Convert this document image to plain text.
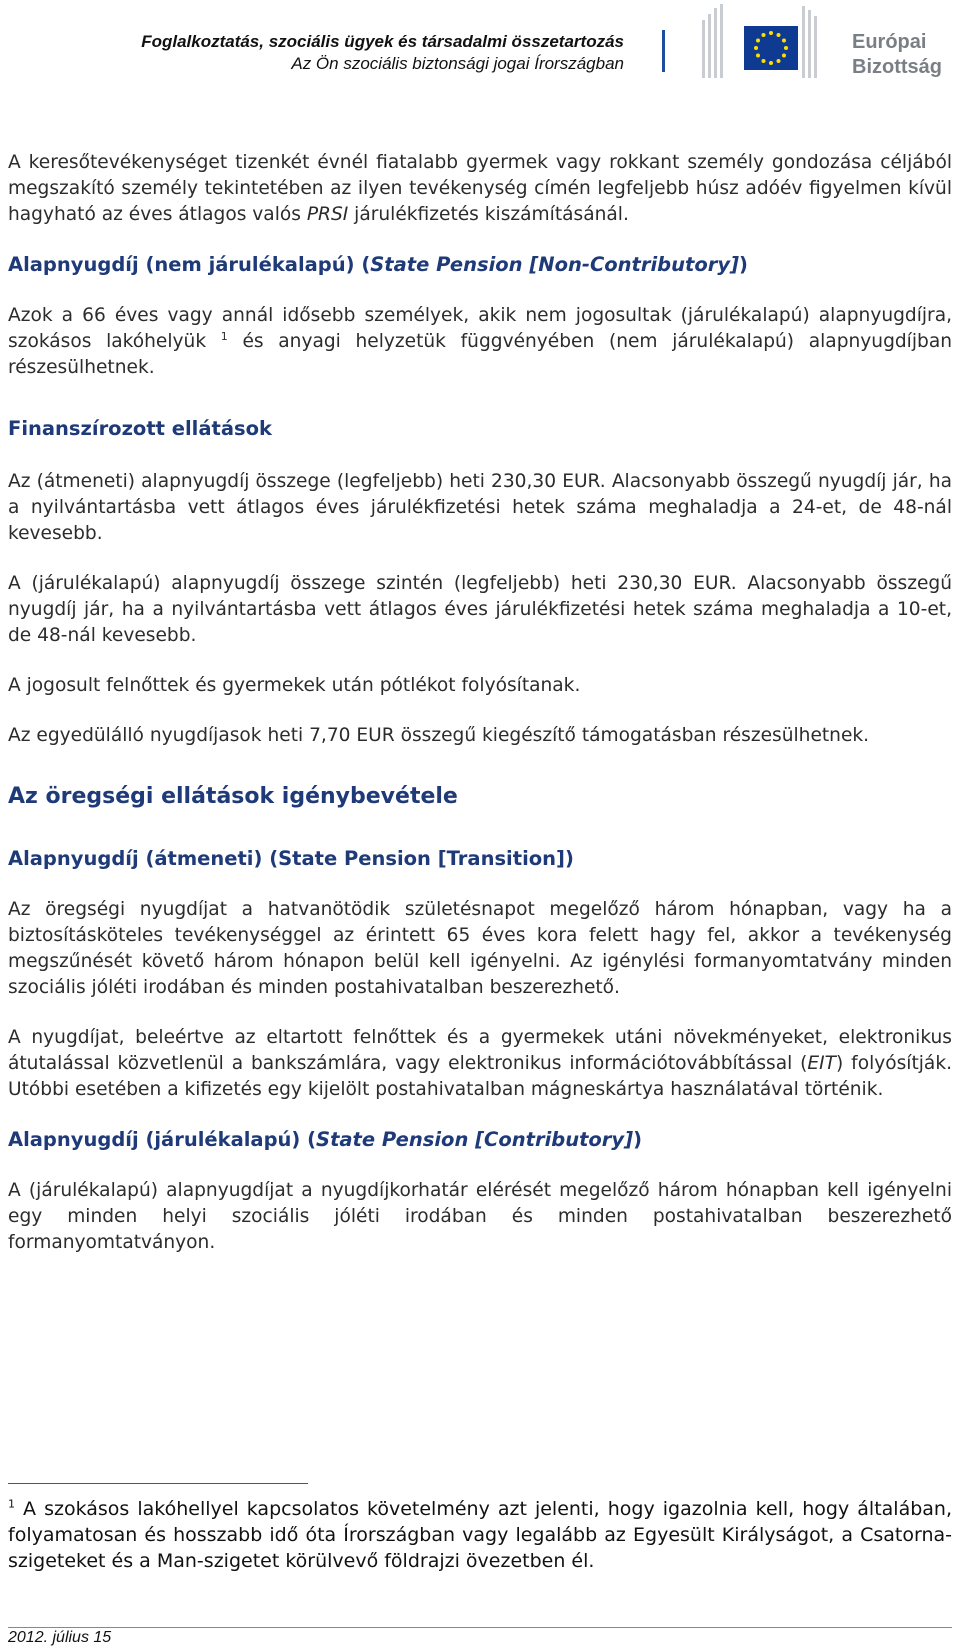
Foglalkoztatás, szociális ügyek és társadalmi összetartozás
Az Ön szociális biztonsági jogai Írországban
Európai
Bizottság

A keresőtevékenységet tizenkét évnél fiatalabb gyermek vagy rokkant személy gondozása céljából megszakító személy tekintetében az ilyen tevékenység címén legfeljebb húsz adóév figyelmen kívül hagyható az éves átlagos valós PRSI járulékfizetés kiszámításánál.

Alapnyugdíj (nem járulékalapú) (State Pension [Non-Contributory])

Azok a 66 éves vagy annál idősebb személyek, akik nem jogosultak (járulékalapú) alapnyugdíjra, szokásos lakóhelyük $^1$ és anyagi helyzetük függvényében (nem járulékalapú) alapnyugdíjban részesülhetnek.

Finanszírozott ellátások

Az (átmeneti) alapnyugdíj összege (legfeljebb) heti 230,30 EUR. Alacsonyabb összegű nyugdíj jár, ha a nyilvántartásba vett átlagos éves járulékfizetési hetek száma meghaladja a 24-et, de 48-nál kevesebb.

A (járulékalapú) alapnyugdíj összege szintén (legfeljebb) heti 230,30 EUR. Alacsonyabb összegű nyugdíj jár, ha a nyilvántartásba vett átlagos éves járulékfizetési hetek száma meghaladja a 10-et, de 48-nál kevesebb.

A jogosult felnőttek és gyermekek után pótlékot folyósítanak.

Az egyedülálló nyugdíjasok heti 7,70 EUR összegű kiegészítő támogatásban részesülhetnek.

Az öregségi ellátások igénybevétele
Alapnyugdíj (átmeneti) (State Pension [Transition])

Az öregségi nyugdíjat a hatvanötödik születésnapot megelőző három hónapban, vagy ha a biztosításköteles tevékenységgel az érintett 65 éves kora felett hagy fel, akkor a tevékenység megszűnését követő három hónapon belül kell igényelni. Az igénylési formanyomtatvány minden szociális jóléti irodában és minden postahivatalban beszerezhető.

A nyugdíjat, beleértve az eltartott felnőttek és a gyermekek utáni növekményeket, elektronikus átutalással közvetlenül a bankszámlára, vagy elektronikus információtovábbítással (EIT) folyósítják. Utóbbi esetében a kifizetés egy kijelölt postahivatalban mágneskártya használatával történik.

Alapnyugdíj (járulékalapú) (State Pension [Contributory])

A (járulékalapú) alapnyugdíjat a nyugdíjkorhatár elérését megelőző három hónapban kell igényelni egy minden helyi szociális jóléti irodában és minden postahivatalban beszerezhető formanyomtatványon.

$^1$ A szokásos lakóhellyel kapcsolatos követelmény azt jelenti, hogy igazolnia kell, hogy általában, folyamatosan és hosszabb idő óta Írországban vagy legalább az Egyesült Királyságot, a Csatorna-szigeteket és a Man-szigetet körülvevő földrajzi övezetben él.
2012. július 15
